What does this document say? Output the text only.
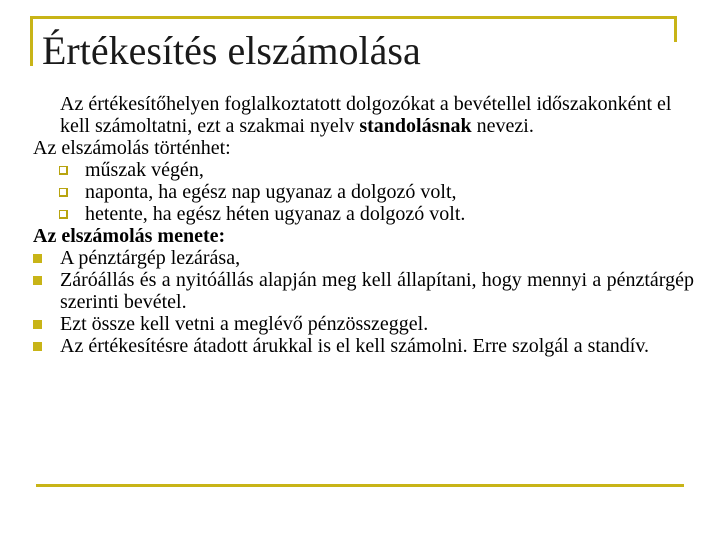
Értékesítés elszámolása

Az értékesítőhelyen foglalkoztatott dolgozókat a bevétellel időszakonként el kell számoltatni, ezt a szakmai nyelv standolásnak nevezi.

Az elszámolás történhet:

műszak végén,

naponta, ha egész nap ugyanaz a dolgozó volt,

hetente, ha egész héten ugyanaz a dolgozó volt.

Az elszámolás menete:

A pénztárgép lezárása,

Záróállás és a nyitóállás alapján meg kell állapítani, hogy mennyi a pénztárgép szerinti bevétel.

Ezt össze kell vetni a meglévő pénzösszeggel.

Az értékesítésre átadott árukkal is el kell számolni. Erre szolgál a standív.
